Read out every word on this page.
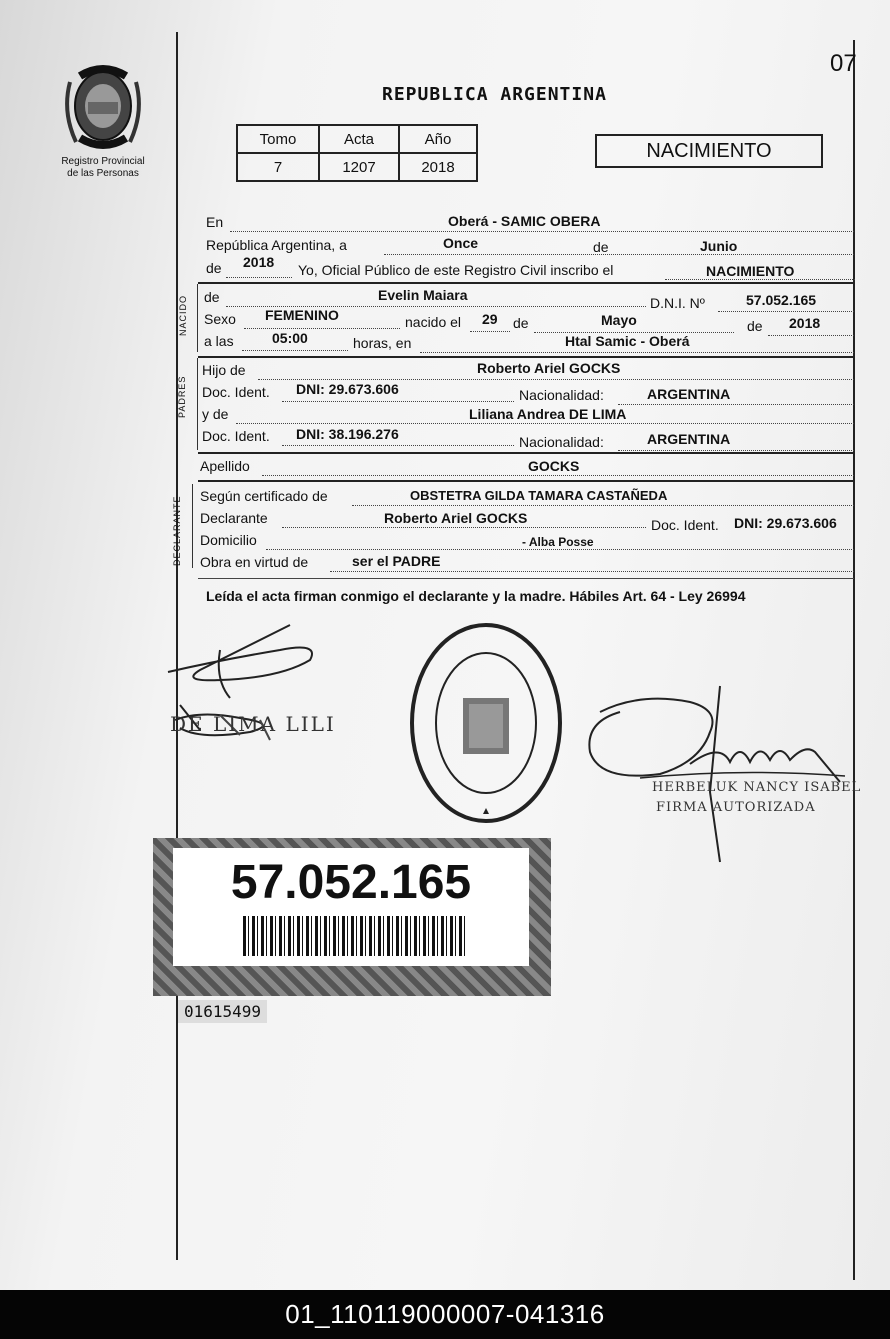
07
Registro Provincial
de las Personas
REPUBLICA ARGENTINA
Tomo	Acta	Año
7	1207	2018
NACIMIENTO
En	Oberá - SAMIC OBERA
República Argentina, a	Once	de	Junio
de 2018 Yo, Oficial Público de este Registro Civil inscribo el	NACIMIENTO
NACIDO de	Evelin Maiara	D.N.I. Nº	57.052.165
Sexo FEMENINO	nacido el 29 de	Mayo	de 2018
a las	05:00	horas, en	Htal Samic - Oberá
PADRES
Hijo de	Roberto Ariel GOCKS
Doc. Ident. DNI: 29.673.606	Nacionalidad:	ARGENTINA
y de	Liliana Andrea DE LIMA
Doc. Ident. DNI: 38.196.276	Nacionalidad:	ARGENTINA
Apellido	GOCKS
DECLARANTE Según certificado de	OBSTETRA GILDA TAMARA CASTAÑEDA
Declarante	Roberto Ariel GOCKS	Doc. Ident. DNI: 29.673.606
Domicilio	- Alba Posse
Obra en virtud de	ser el PADRE
Leída el acta firman conmigo el declarante y la madre. Hábiles Art. 64 - Ley 26994
DE LIMA LILI
HERBELUK NANCY ISABEL
FIRMA AUTORIZADA
57.052.165
01615499
01_110119000007-041316
